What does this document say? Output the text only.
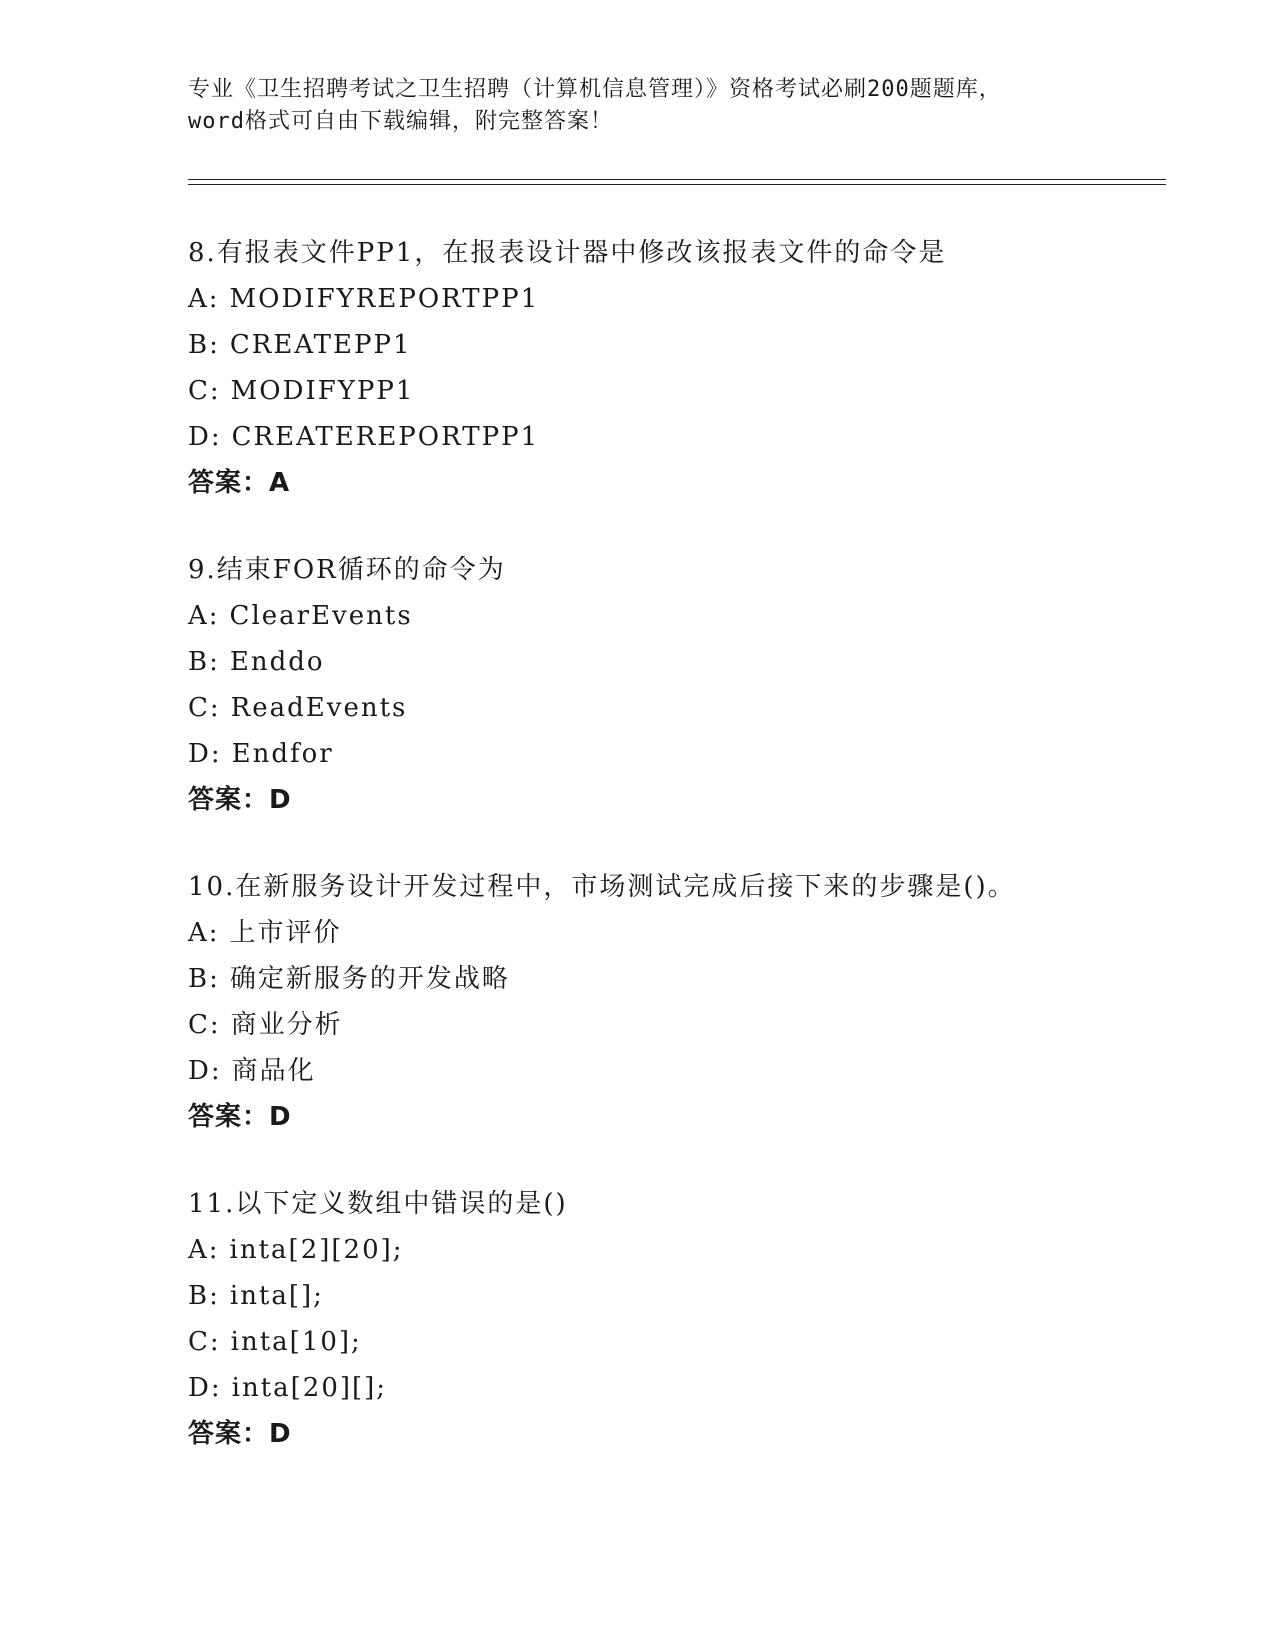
专业《卫生招聘考试之卫生招聘（计算机信息管理）》资格考试必刷200题题库，
word格式可自由下载编辑，附完整答案！
8.有报表文件PP1，在报表设计器中修改该报表文件的命令是
A: MODIFYREPORTPP1
B: CREATEPP1
C: MODIFYPP1
D: CREATEREPORTPP1
答案：A
9.结束FOR循环的命令为
A: ClearEvents
B: Enddo
C: ReadEvents
D: Endfor
答案：D
10.在新服务设计开发过程中，市场测试完成后接下来的步骤是()。
A: 上市评价
B: 确定新服务的开发战略
C: 商业分析
D: 商品化
答案：D
11.以下定义数组中错误的是()
A: inta[2][20];
B: inta[];
C: inta[10];
D: inta[20][];
答案：D
